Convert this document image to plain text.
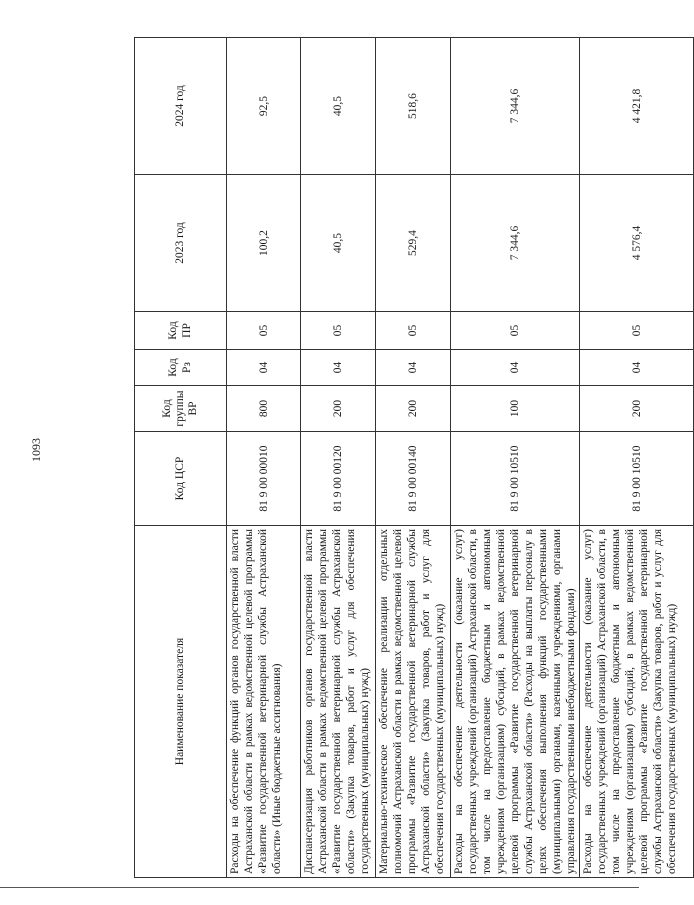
1093
Наименование показателя	Код ЦСР	Код группы ВР	Код Рз	Код ПР	2023 год	2024 год
Расходы на обеспечение функций органов государственной власти Астраханской области в рамках ведомственной целевой программы «Развитие государственной ветеринарной службы Астраханской области» (Иные бюджетные ассигнования)	81 9 00 00010	800	04	05	100,2	92,5
Диспансеризация работников органов государственной власти Астраханской области в рамках ведомственной целевой программы «Развитие государственной ветеринарной службы Астраханской области» (Закупка товаров, работ и услуг для обеспечения государственных (муниципальных) нужд)	81 9 00 00120	200	04	05	40,5	40,5
Материально-техническое обеспечение реализации отдельных полномочий Астраханской области в рамках ведомственной целевой программы «Развитие государственной ветеринарной службы Астраханской области» (Закупка товаров, работ и услуг для обеспечения государственных (муниципальных) нужд)	81 9 00 00140	200	04	05	529,4	518,6
Расходы на обеспечение деятельности (оказание услуг) государственных учреждений (организаций) Астраханской области, в том числе на предоставление бюджетным и автономным учреждениям (организациям) субсидий, в рамках ведомственной целевой программы «Развитие государственной ветеринарной службы Астраханской области» (Расходы на выплаты персоналу в целях обеспечения выполнения функций государственными (муниципальными) органами, казенными учреждениями, органами управления государственными внебюджетными фондами)	81 9 00 10510	100	04	05	7 344,6	7 344,6
Расходы на обеспечение деятельности (оказание услуг) государственных учреждений (организаций) Астраханской области, в том числе на предоставление бюджетным и автономным учреждениям (организациям) субсидий, в рамках ведомственной целевой программы «Развитие государственной ветеринарной службы Астраханской области» (Закупка товаров, работ и услуг для обеспечения государственных (муниципальных) нужд)	81 9 00 10510	200	04	05	4 576,4	4 421,8
